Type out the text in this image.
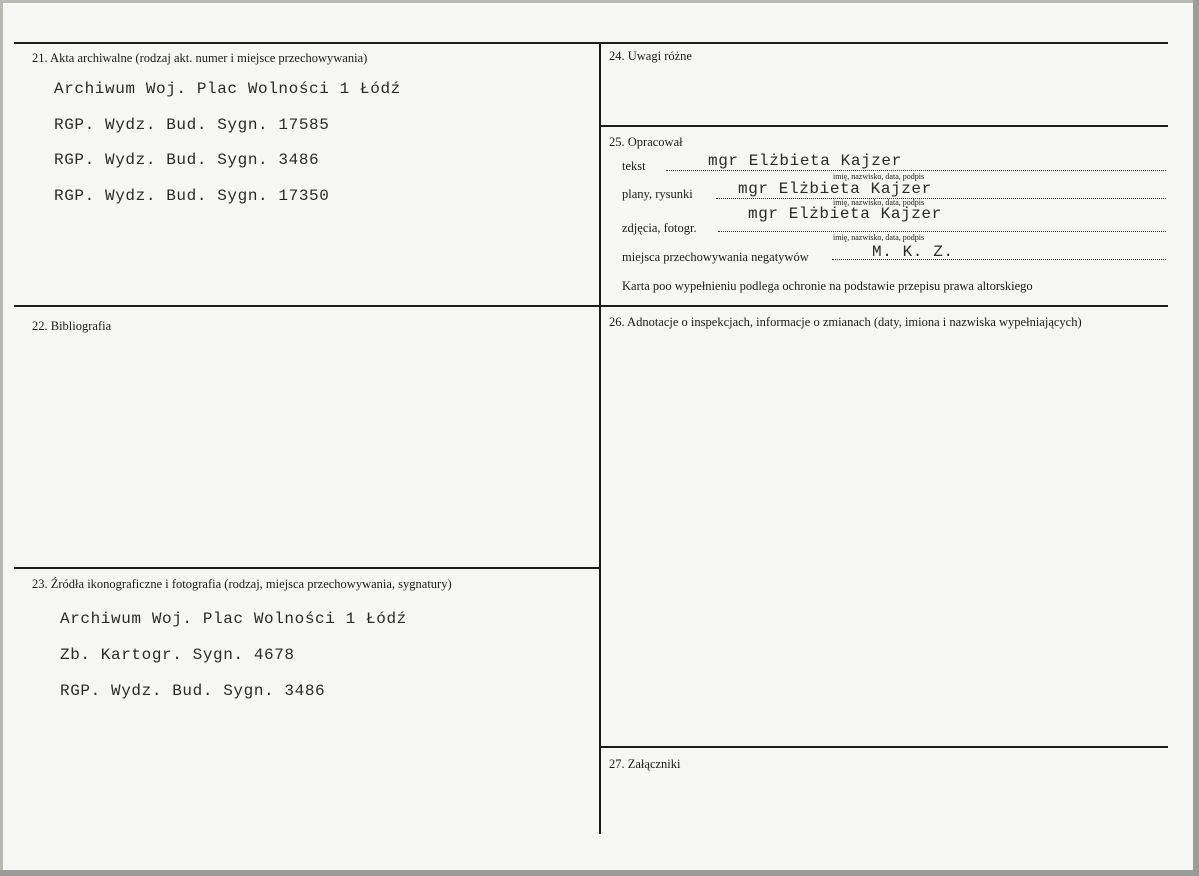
21. Akta archiwalne (rodzaj akt. numer i miejsce przechowywania)
Archiwum Woj. Plac Wolności 1 Łódź
RGP. Wydz. Bud. Sygn. 17585
RGP. Wydz. Bud. Sygn. 3486
RGP. Wydz. Bud. Sygn. 17350
22. Bibliografia
23. Źródła ikonograficzne i fotografia (rodzaj, miejsca przechowywania, sygnatury)
Archiwum Woj. Plac Wolności 1 Łódź
Zb. Kartogr. Sygn. 4678
RGP. Wydz. Bud. Sygn. 3486
24. Uwagi różne
25. Opracował
tekst	mgr Elżbieta Kajzer
imię, nazwisko, data, podpis
plany, rysunki	mgr Elżbieta Kajzer
imię, nazwisko, data, podpis
zdjęcia, fotogr.
mgr Elżbieta Kajzer
imię, nazwisko, data, podpis
miejsca przechowywania negatywów	M. K. Z.
Karta poo wypełnieniu podlega ochronie na podstawie przepisu prawa altorskiego
26. Adnotacje o inspekcjach, informacje o zmianach (daty, imiona i nazwiska wypełniających)
27. Załączniki
